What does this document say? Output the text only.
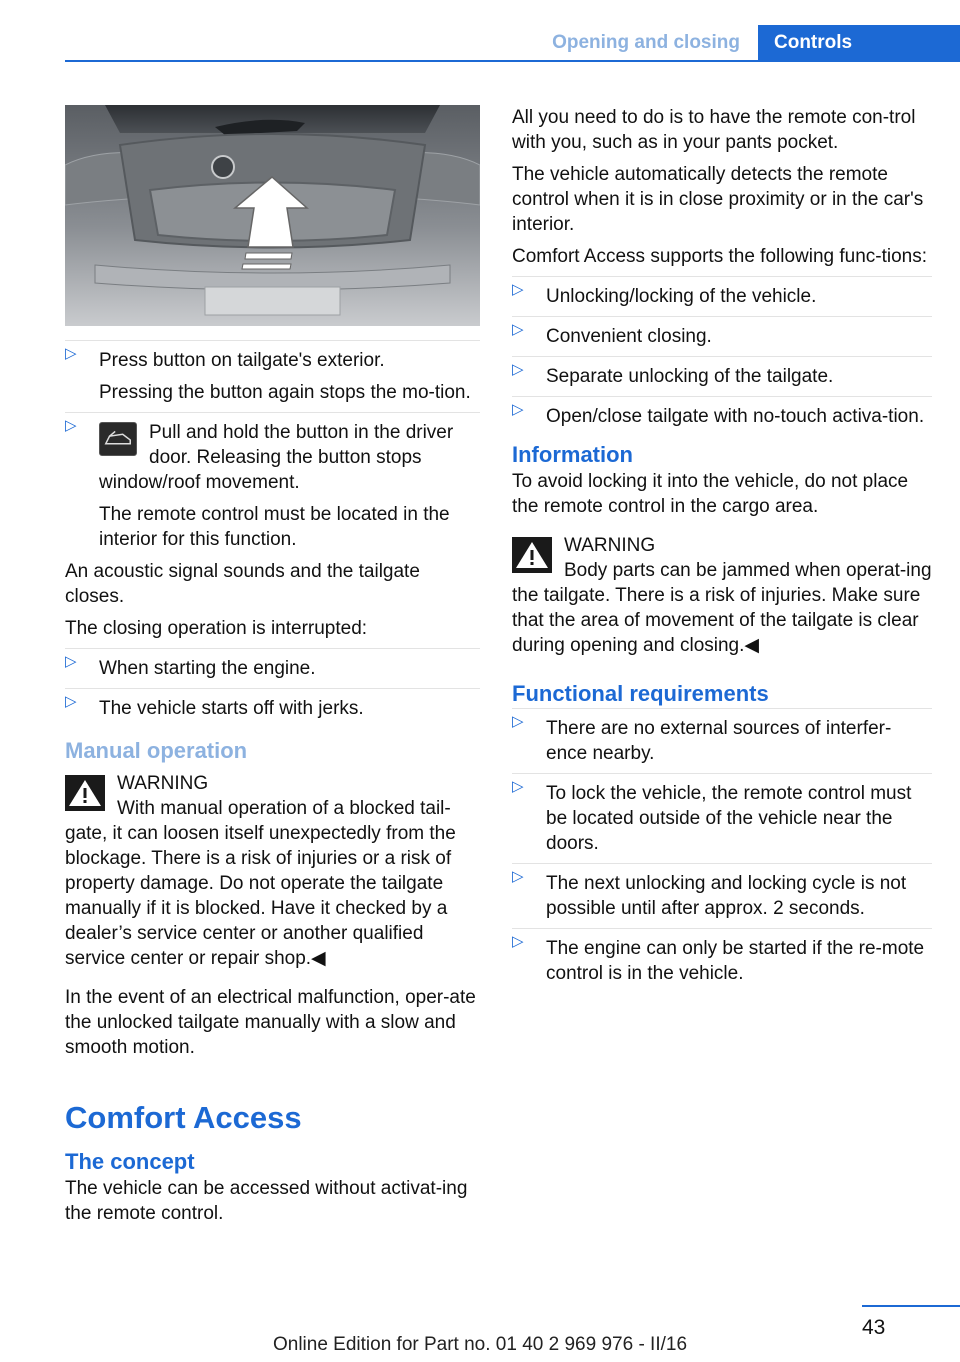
Opening and closing	Controls
▷ Press button on tailgate's exterior.

Pressing the button again stops the mo‐tion.

▷	Pull and hold the button in the driver door. Releasing the button stops window/roof movement.

The remote control must be located in the interior for this function.

An acoustic signal sounds and the tailgate closes.

The closing operation is interrupted:

▷ When starting the engine.
▷ The vehicle starts off with jerks.
Manual operation
WARNING
With manual operation of a blocked tail‐gate, it can loosen itself unexpectedly from the blockage. There is a risk of injuries or a risk of property damage. Do not operate the tailgate manually if it is blocked. Have it checked by a dealer’s service center or another qualified service center or repair shop.◀

In the event of an electrical malfunction, oper‐ate the unlocked tailgate manually with a slow and smooth motion.

Comfort Access
The concept

The vehicle can be accessed without activat‐ing the remote control.

All you need to do is to have the remote con‐trol with you, such as in your pants pocket.

The vehicle automatically detects the remote control when it is in close proximity or in the car's interior.

Comfort Access supports the following func‐tions:

▷ Unlocking/locking of the vehicle.
▷ Convenient closing.
▷ Separate unlocking of the tailgate.
▷ Open/close tailgate with no-touch activa‐tion.
Information

To avoid locking it into the vehicle, do not place the remote control in the cargo area.

WARNING
Body parts can be jammed when operat‐ing the tailgate. There is a risk of injuries. Make sure that the area of movement of the tailgate is clear during opening and closing.◀
Functional requirements
▷ There are no external sources of interfer‐ence nearby.
▷ To lock the vehicle, the remote control must be located outside of the vehicle near the doors.
▷ The next unlocking and locking cycle is not possible until after approx. 2 seconds.
▷ The engine can only be started if the re‐mote control is in the vehicle.
43
Online Edition for Part no. 01 40 2 969 976 - II/16
